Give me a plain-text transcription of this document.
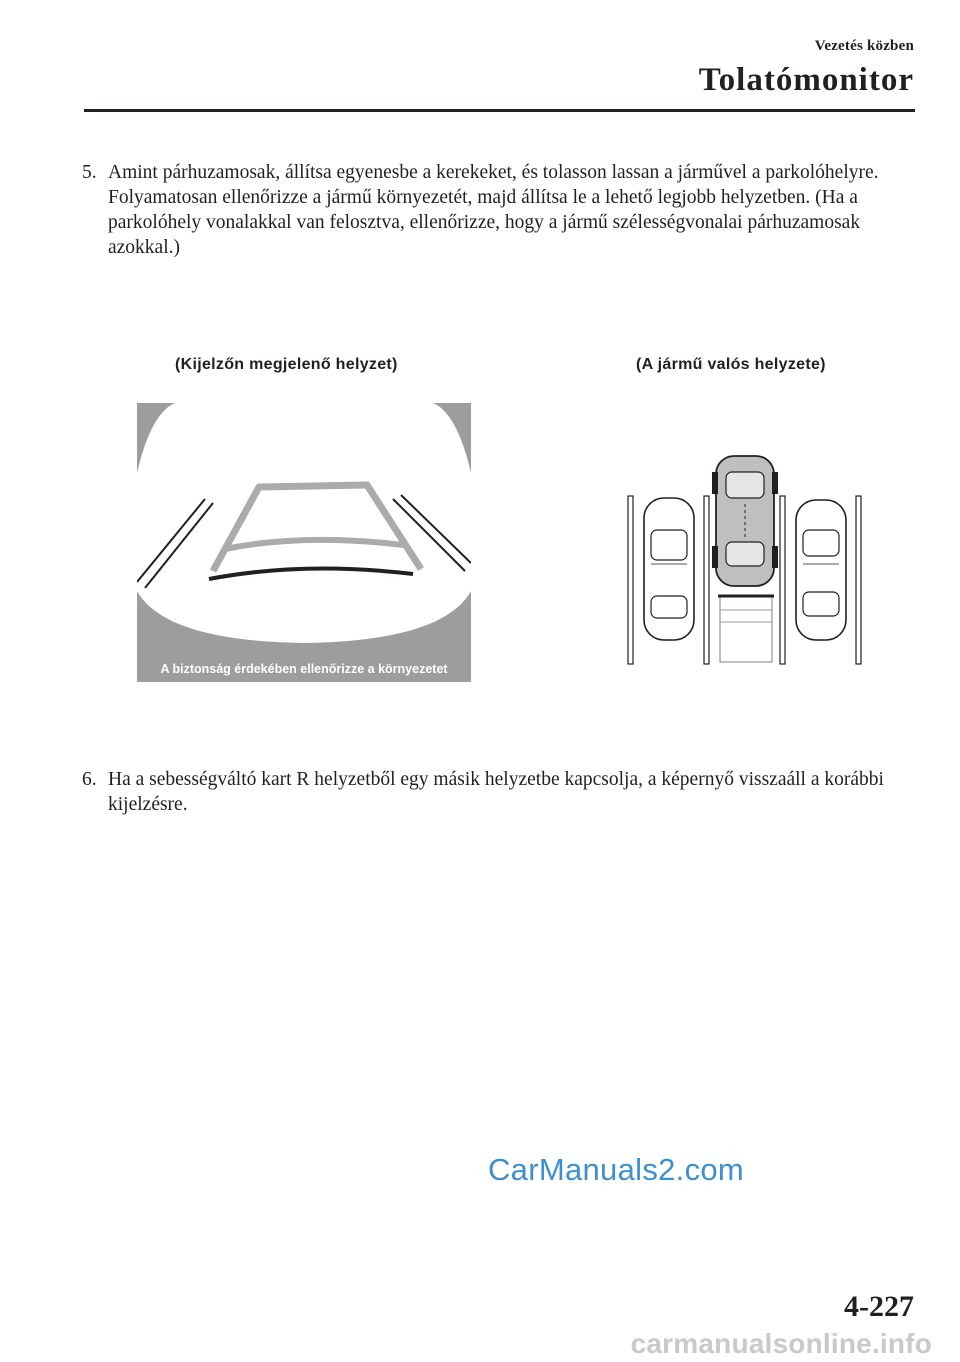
Vezetés közben
Tolatómonitor
5. Amint párhuzamosak, állítsa egyenesbe a kerekeket, és tolasson lassan a járművel a parkolóhelyre. Folyamatosan ellenőrizze a jármű környezetét, majd állítsa le a lehető legjobb helyzetben. (Ha a parkolóhely vonalakkal van felosztva, ellenőrizze, hogy a jármű szélességvonalai párhuzamosak azokkal.)
(Kijelzőn megjelenő helyzet)	(A jármű valós helyzete)
A biztonság érdekében ellenőrizze a környezetet
6. Ha a sebességváltó kart R helyzetből egy másik helyzetbe kapcsolja, a képernyő visszaáll a korábbi kijelzésre.
CarManuals2.com
4-227
carmanualsonline.info
